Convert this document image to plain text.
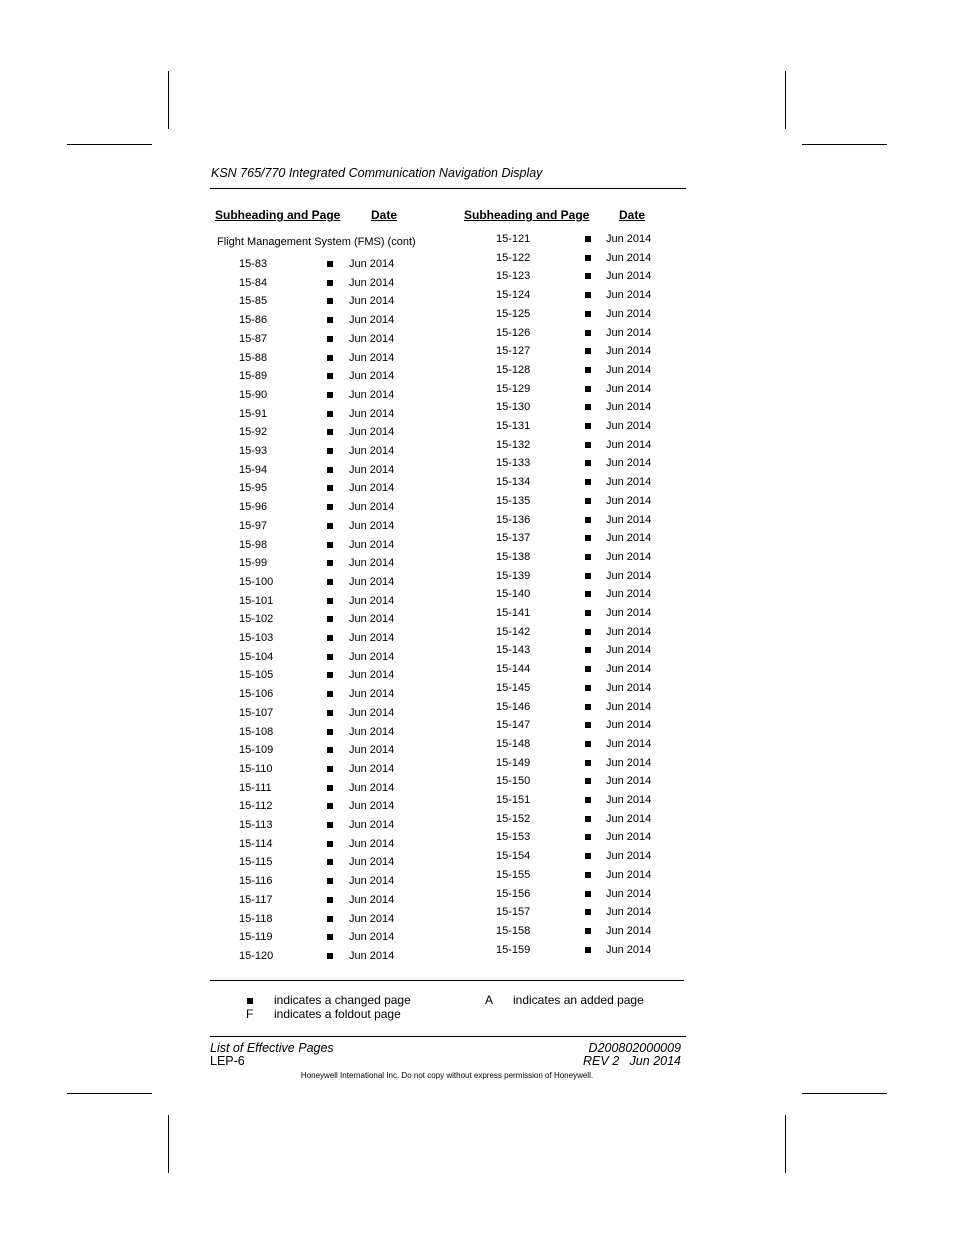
KSN 765/770 Integrated Communication Navigation Display
Subheading and Page	Date	Subheading and Page Date
Flight Management System (FMS) (cont)
15-83	Jun 2014
15-84	Jun 2014
15-85	Jun 2014
15-86	Jun 2014
15-87	Jun 2014
15-88	Jun 2014
15-89	Jun 2014
15-90	Jun 2014
15-91	Jun 2014
15-92	Jun 2014
15-93	Jun 2014
15-94	Jun 2014
15-95	Jun 2014
15-96	Jun 2014
15-97	Jun 2014
15-98	Jun 2014
15-99	Jun 2014
15-100	Jun 2014
15-101	Jun 2014
15-102	Jun 2014
15-103	Jun 2014
15-104	Jun 2014
15-105	Jun 2014
15-106	Jun 2014
15-107	Jun 2014
15-108	Jun 2014
15-109	Jun 2014
15-110	Jun 2014
15-111	Jun 2014
15-112	Jun 2014
15-113	Jun 2014
15-114	Jun 2014
15-115	Jun 2014
15-116	Jun 2014
15-117	Jun 2014
15-118	Jun 2014
15-119	Jun 2014
15-120	Jun 2014
15-121	Jun 2014
15-122	Jun 2014
15-123	Jun 2014
15-124	Jun 2014
15-125	Jun 2014
15-126	Jun 2014
15-127	Jun 2014
15-128	Jun 2014
15-129	Jun 2014
15-130	Jun 2014
15-131	Jun 2014
15-132	Jun 2014
15-133	Jun 2014
15-134	Jun 2014
15-135	Jun 2014
15-136	Jun 2014
15-137	Jun 2014
15-138	Jun 2014
15-139	Jun 2014
15-140	Jun 2014
15-141	Jun 2014
15-142	Jun 2014
15-143	Jun 2014
15-144	Jun 2014
15-145	Jun 2014
15-146	Jun 2014
15-147	Jun 2014
15-148	Jun 2014
15-149	Jun 2014
15-150	Jun 2014
15-151	Jun 2014
15-152	Jun 2014
15-153	Jun 2014
15-154	Jun 2014
15-155	Jun 2014
15-156	Jun 2014
15-157	Jun 2014
15-158	Jun 2014
15-159	Jun 2014
indicates a changed page	A indicates an added page
F indicates a foldout page
List of Effective Pages
LEP-6
D200802000009
REV 2   Jun 2014
Honeywell International Inc. Do not copy without express permission of Honeywell.
